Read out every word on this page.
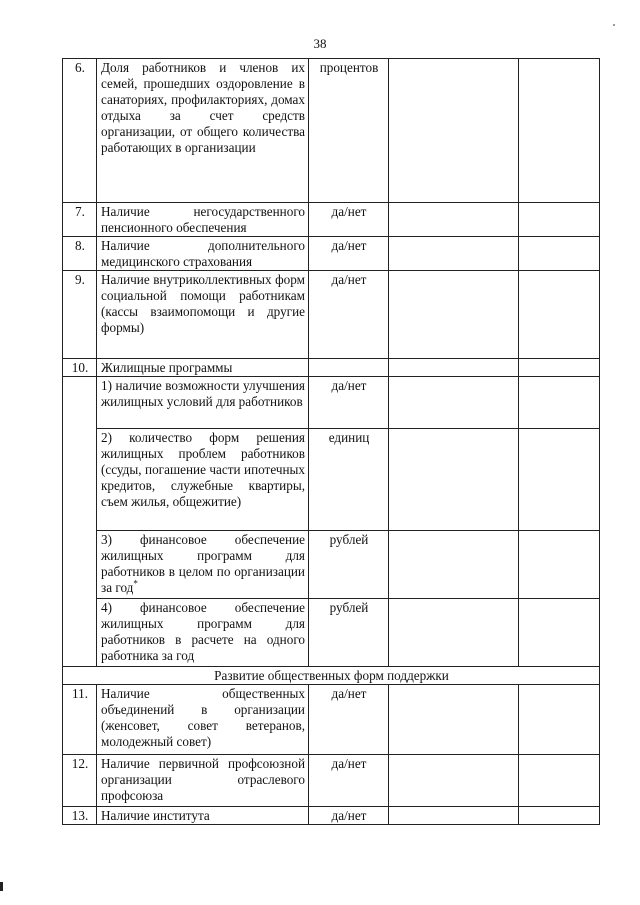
38
6.	Доля работников и членов их семей, прошедших оздоровление в санаториях, профилакториях, домах отдыха за счет средств организации, от общего количества работающих в организации	процентов		
7.	Наличие негосударственного пенсионного обеспечения	да/нет		
8.	Наличие дополнительного медицинского страхования	да/нет		
9.	Наличие внутриколлективных форм социальной помощи работникам (кассы взаимопомощи и другие формы)	да/нет		
10.	Жилищные программы			
	1) наличие возможности улучшения жилищных условий для работников	да/нет		
	2) количество форм решения жилищных проблем работников (ссуды, погашение части ипотечных кредитов, служебные квартиры, съем жилья, общежитие)	единиц		
	3) финансовое обеспечение жилищных программ для работников в целом по организации за год*	рублей		
	4) финансовое обеспечение жилищных программ для работников в расчете на одного работника за год	рублей		
Развитие общественных форм поддержки				
11.	Наличие общественных объединений в организации (женсовет, совет ветеранов, молодежный совет)	да/нет		
12.	Наличие первичной профсоюзной организации отраслевого профсоюза	да/нет		
13.	Наличие института	да/нет		
